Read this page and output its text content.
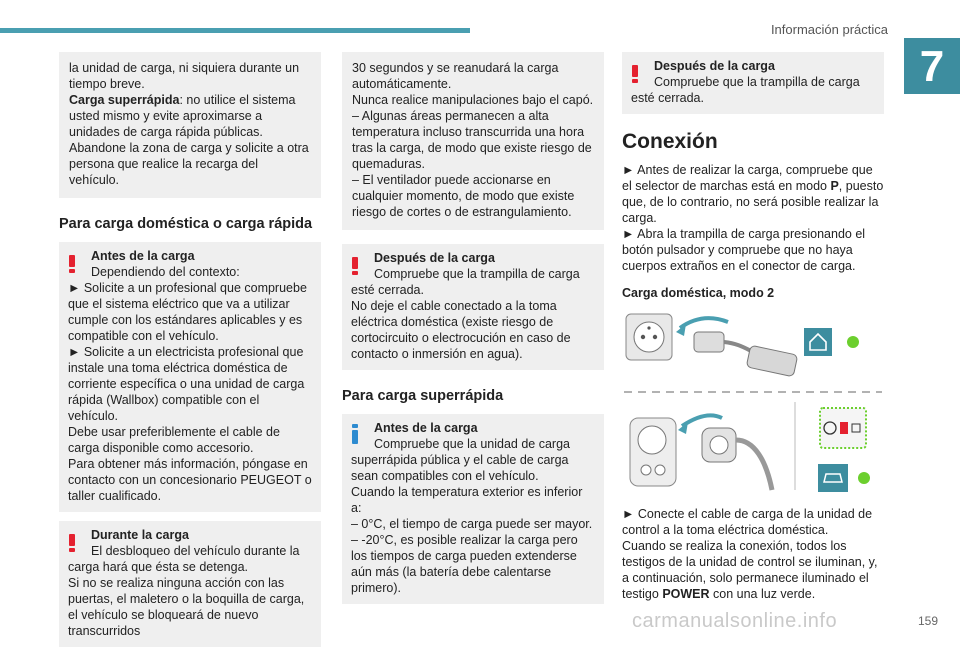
Información práctica
7
la unidad de carga, ni siquiera durante un tiempo breve.
Carga superrápida: no utilice el sistema usted mismo y evite aproximarse a unidades de carga rápida públicas. Abandone la zona de carga y solicite a otra persona que realice la recarga del vehículo.
Para carga doméstica o carga rápida
Antes de la carga
Dependiendo del contexto:
► Solicite a un profesional que compruebe que el sistema eléctrico que va a utilizar cumple con los estándares aplicables y es compatible con el vehículo.
► Solicite a un electricista profesional que instale una toma eléctrica doméstica de corriente específica o una unidad de carga rápida (Wallbox) compatible con el vehículo.
Debe usar preferiblemente el cable de carga disponible como accesorio.
Para obtener más información, póngase en contacto con un concesionario PEUGEOT o taller cualificado.
Durante la carga
El desbloqueo del vehículo durante la
carga hará que ésta se detenga.
Si no se realiza ninguna acción con las puertas, el maletero o la boquilla de carga, el vehículo se bloqueará de nuevo transcurridos
30 segundos y se reanudará la carga automáticamente.
Nunca realice manipulaciones bajo el capó.
– Algunas áreas permanecen a alta temperatura incluso transcurrida una hora tras la carga, de modo que existe riesgo de quemaduras.
– El ventilador puede accionarse en cualquier momento, de modo que existe riesgo de cortes o de estrangulamiento.
Después de la carga
Compruebe que la trampilla de carga
esté cerrada.
No deje el cable conectado a la toma eléctrica doméstica (existe riesgo de cortocircuito o electrocución en caso de contacto o inmersión en agua).
Para carga superrápida
Antes de la carga
Compruebe que la unidad de carga
superrápida pública y el cable de carga sean compatibles con el vehículo.
Cuando la temperatura exterior es inferior a:
– 0°C, el tiempo de carga puede ser mayor.
– -20°C, es posible realizar la carga pero los tiempos de carga pueden extenderse aún más (la batería debe calentarse primero).
Después de la carga
Compruebe que la trampilla de carga
esté cerrada.
Conexión
► Antes de realizar la carga, compruebe que el selector de marchas está en modo P, puesto que, de lo contrario, no será posible realizar la carga.
► Abra la trampilla de carga presionando el botón pulsador y compruebe que no haya cuerpos extraños en el conector de carga.
Carga doméstica, modo 2
► Conecte el cable de carga de la unidad de control a la toma eléctrica doméstica.
Cuando se realiza la conexión, todos los testigos de la unidad de control se iluminan, y, a continuación, solo permanece iluminado el testigo POWER con una luz verde.
carmanualsonline.info	159
